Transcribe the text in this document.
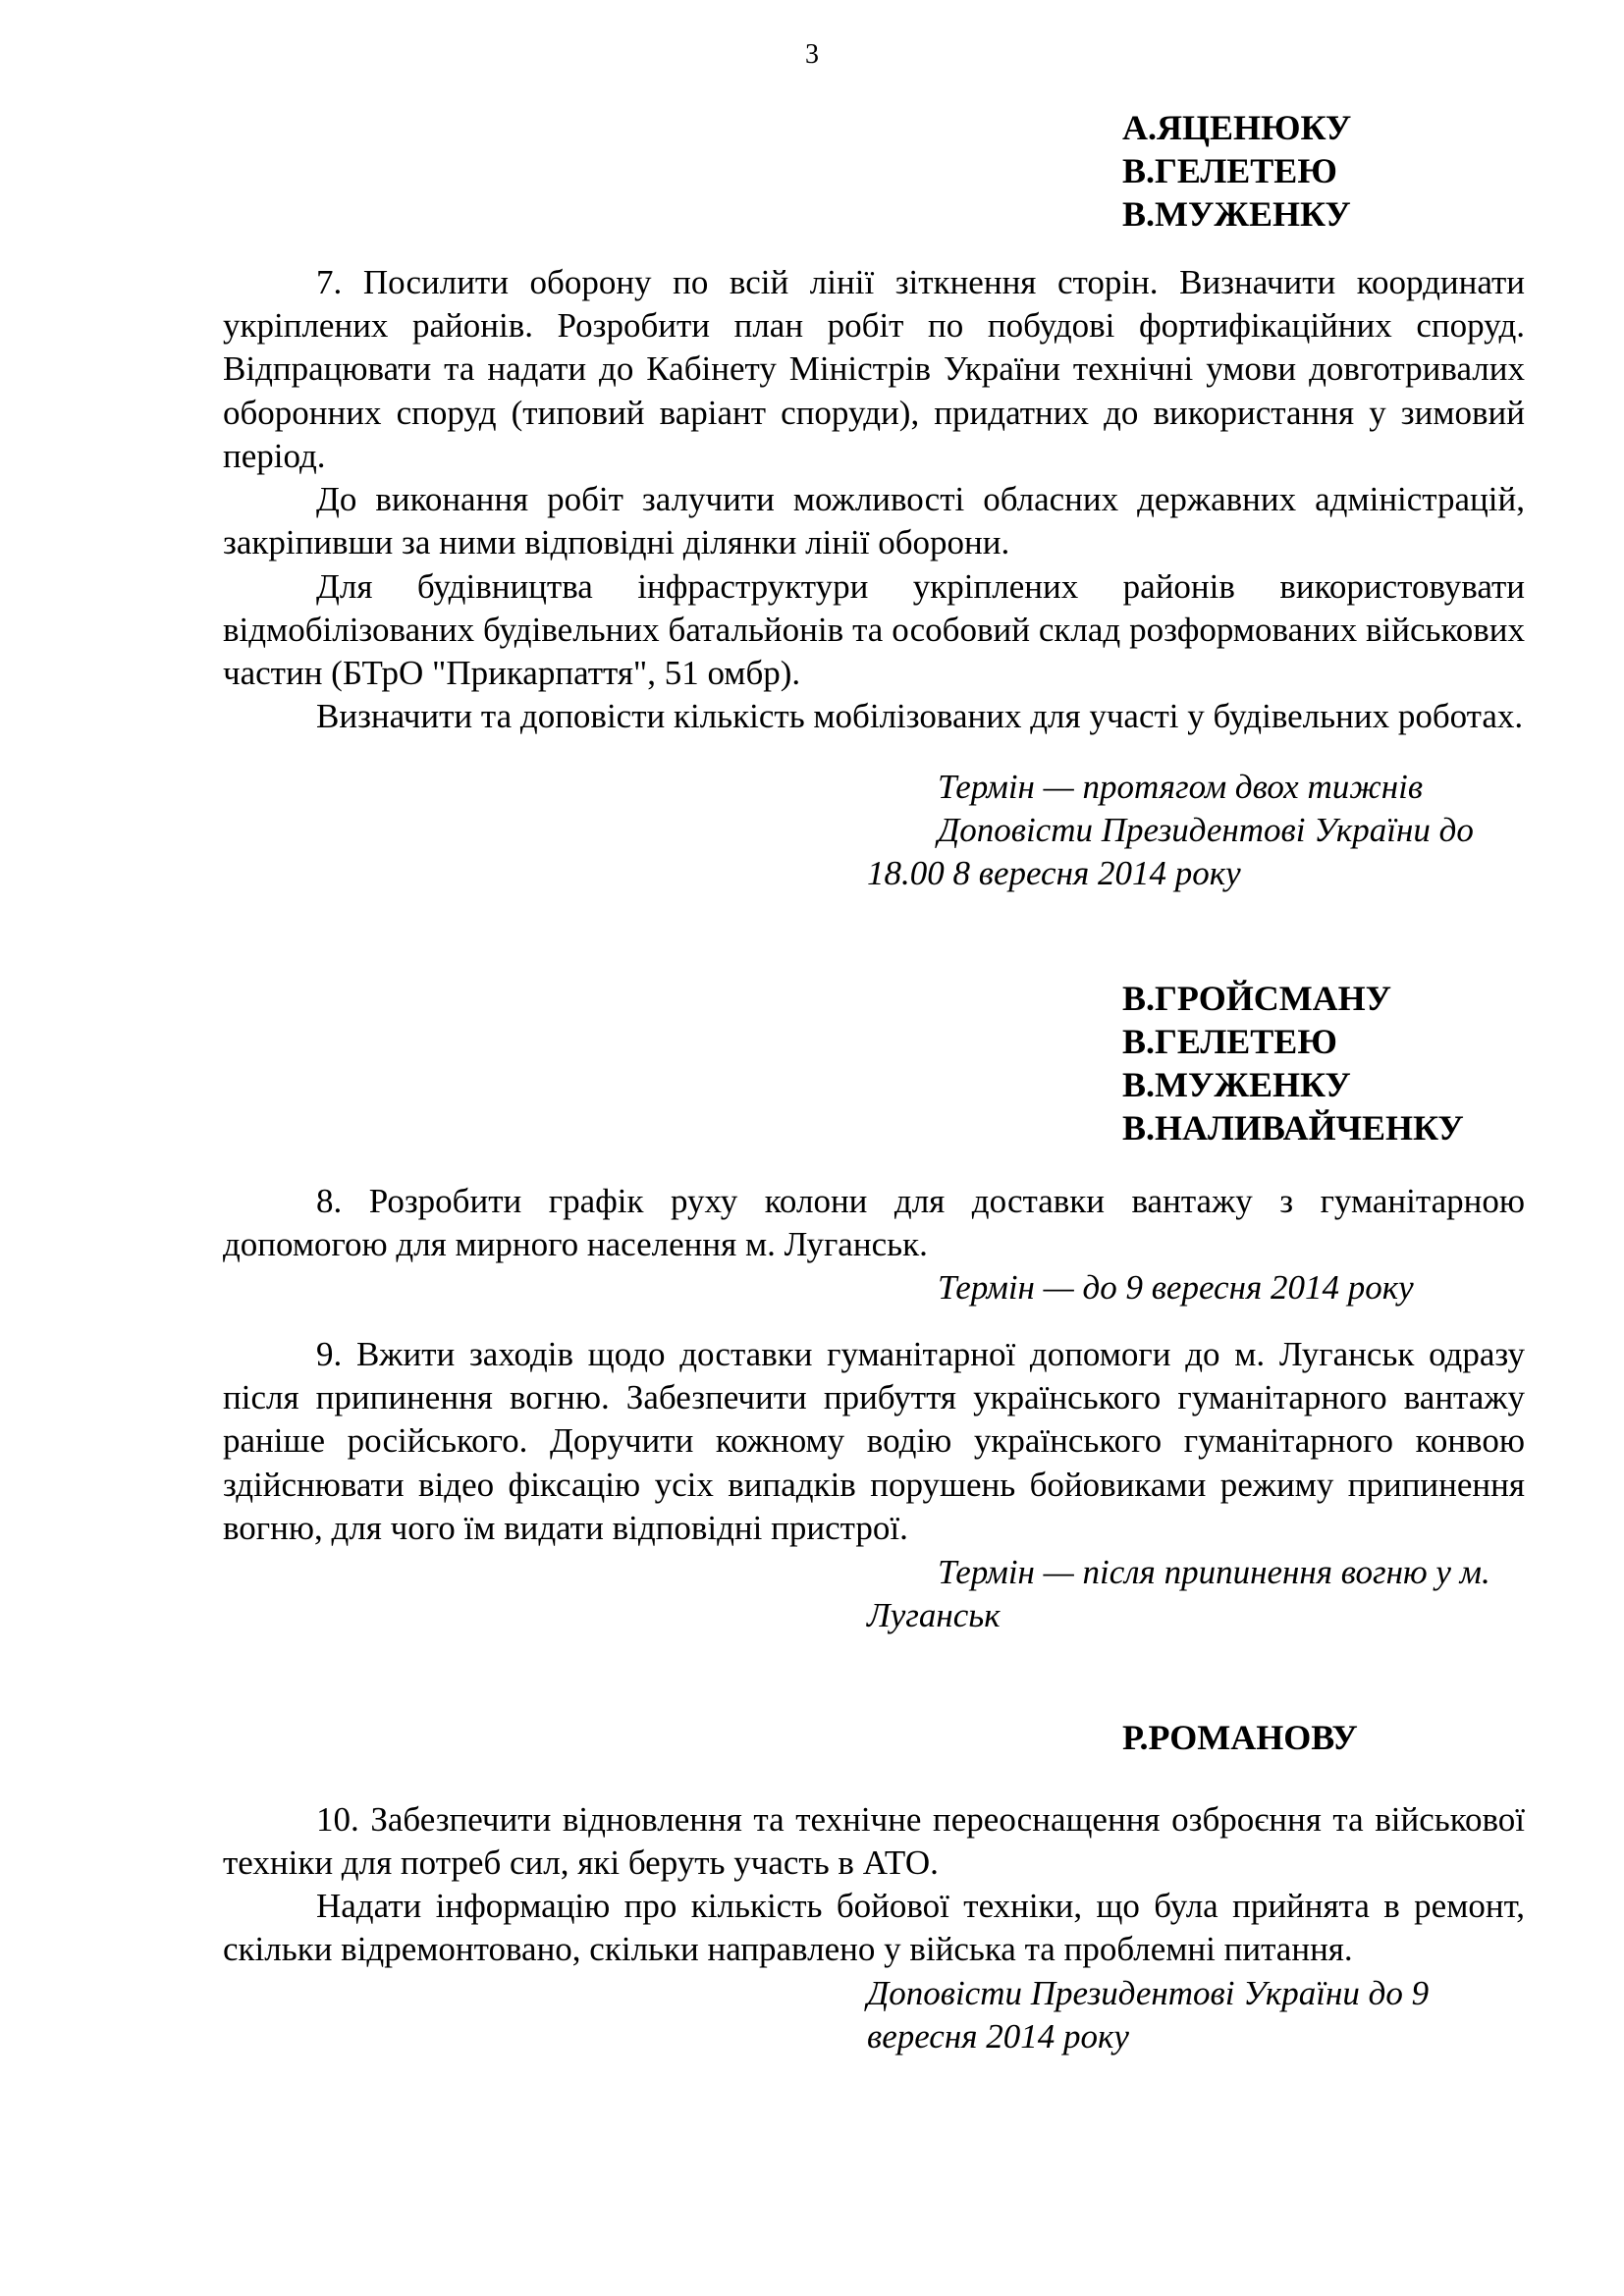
3

А.ЯЦЕНЮКУ
В.ГЕЛЕТЕЮ
В.МУЖЕНКУ

7. Посилити оборону по всій лінії зіткнення сторін. Визначити координати укріплених районів. Розробити план робіт по побудові фортифікаційних споруд. Відпрацювати та надати до Кабінету Міністрів України технічні умови довготривалих оборонних споруд (типовий варіант споруди), придатних до використання у зимовий період.

До виконання робіт залучити можливості обласних державних адміністрацій, закріпивши за ними відповідні ділянки лінії оборони.

Для будівництва інфраструктури укріплених районів використовувати відмобілізованих будівельних батальйонів та особовий склад розформованих військових частин (БТрО "Прикарпаття", 51 омбр).

Визначити та доповісти кількість мобілізованих для участі у будівельних роботах.

Термін — протягом двох тижнів
Доповісти Президентові України до
18.00 8 вересня 2014 року
В.ГРОЙСМАНУ
В.ГЕЛЕТЕЮ
В.МУЖЕНКУ
В.НАЛИВАЙЧЕНКУ

8. Розробити графік руху колони для доставки вантажу з гуманітарною допомогою для мирного населення м. Луганськ.

Термін — до 9 вересня 2014 року

9. Вжити заходів щодо доставки гуманітарної допомоги до м. Луганськ одразу після припинення вогню. Забезпечити прибуття українського гуманітарного вантажу раніше російського. Доручити кожному водію українського гуманітарного конвою здійснювати відео фіксацію усіх випадків порушень бойовиками режиму припинення вогню, для чого їм видати відповідні пристрої.

Термін — після припинення вогню у м.
Луганськ
Р.РОМАНОВУ

10. Забезпечити відновлення та технічне переоснащення озброєння та військової техніки для потреб сил, які беруть участь в АТО.

Надати інформацію про кількість бойової техніки, що була прийнята в ремонт, скільки відремонтовано, скільки направлено у війська та проблемні питання.

Доповісти Президентові України до 9
вересня 2014 року
